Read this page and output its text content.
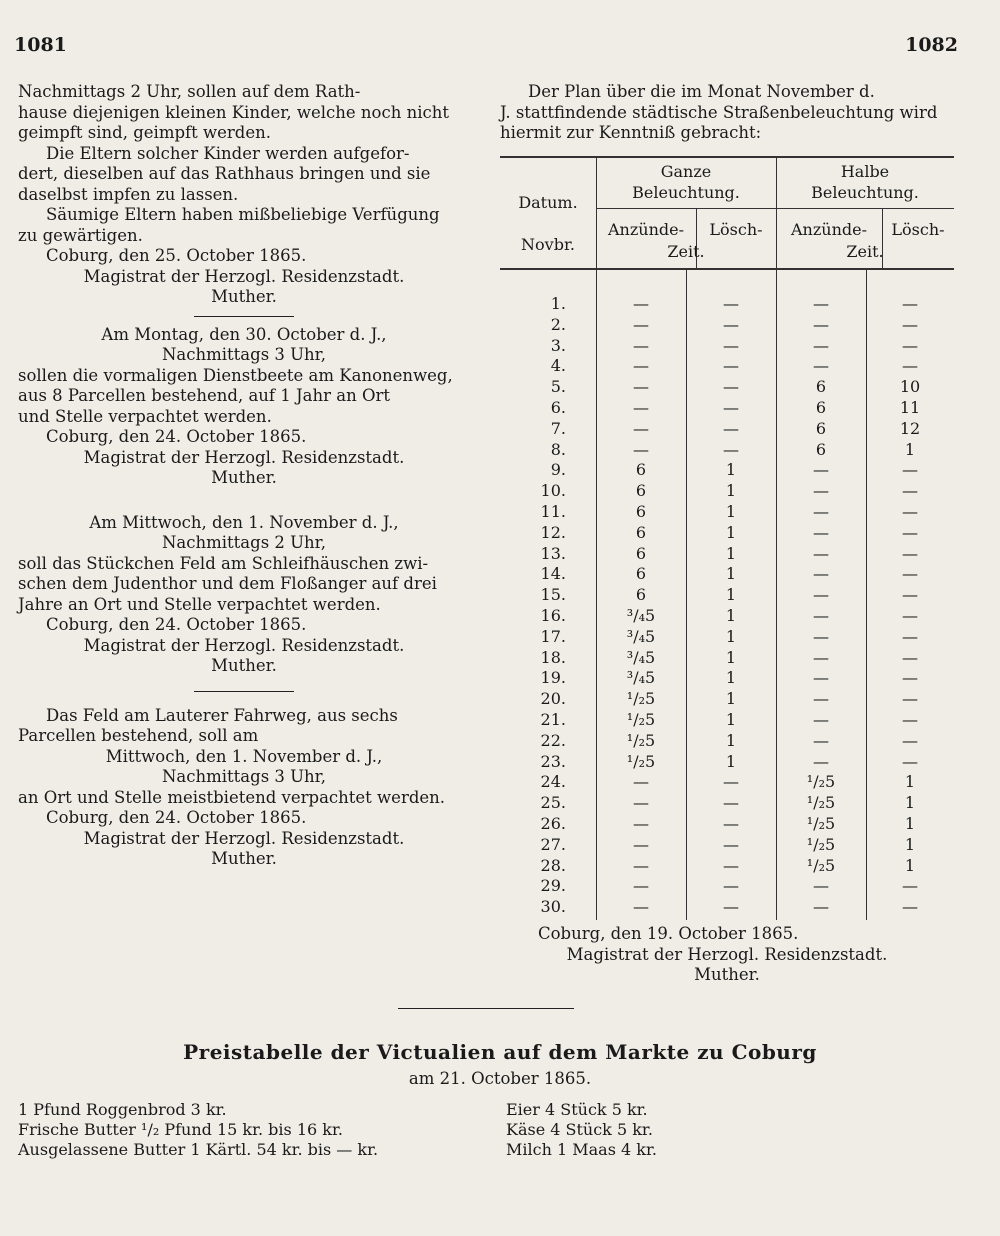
1081	1082

Nachmittags 2 Uhr, sollen auf dem Rath-

hause diejenigen kleinen Kinder, welche noch nicht

geimpft sind, geimpft werden.

Die Eltern solcher Kinder werden aufgefor-

dert, dieselben auf das Rathhaus bringen und sie

daselbst impfen zu lassen.

Säumige Eltern haben mißbeliebige Verfügung

zu gewärtigen.

Coburg, den 25. October 1865.

Magistrat der Herzogl. Residenzstadt.

Muther.

Am Montag, den 30. October d. J.,

Nachmittags 3 Uhr,

sollen die vormaligen Dienstbeete am Kanonenweg,

aus 8 Parcellen bestehend, auf 1 Jahr an Ort

und Stelle verpachtet werden.

Coburg, den 24. October 1865.

Magistrat der Herzogl. Residenzstadt.

Muther.

Am Mittwoch, den 1. November d. J.,

Nachmittags 2 Uhr,

soll das Stückchen Feld am Schleifhäuschen zwi-

schen dem Judenthor und dem Floßanger auf drei

Jahre an Ort und Stelle verpachtet werden.

Coburg, den 24. October 1865.

Magistrat der Herzogl. Residenzstadt.

Muther.

Das Feld am Lauterer Fahrweg, aus sechs

Parcellen bestehend, soll am

Mittwoch, den 1. November d. J.,

Nachmittags 3 Uhr,

an Ort und Stelle meistbietend verpachtet werden.

Coburg, den 24. October 1865.

Magistrat der Herzogl. Residenzstadt.

Muther.

Der Plan über die im Monat November d.

J. stattfindende städtische Straßenbeleuchtung wird

hiermit zur Kenntniß gebracht:

Datum.
Novbr.
Ganze
Beleuchtung.
Halbe
Beleuchtung.
Anzünde-	Lösch-
Zeit.
Anzünde-	Lösch-
Zeit.
1.	—	—	—	—
2.	—	—	—	—
3.	—	—	—	—
4.	—	—	—	—
5.	—	—	6	10
6.	—	—	6	11
7.	—	—	6	12
8.	—	—	6	1
9.	6	1	—	—
10.	6	1	—	—
11.	6	1	—	—
12.	6	1	—	—
13.	6	1	—	—
14.	6	1	—	—
15.	6	1	—	—
16.	³/₄5	1	—	—
17.	³/₄5	1	—	—
18.	³/₄5	1	—	—
19.	³/₄5	1	—	—
20.	¹/₂5	1	—	—
21.	¹/₂5	1	—	—
22.	¹/₂5	1	—	—
23.	¹/₂5	1	—	—
24.	—	—	¹/₂5	1
25.	—	—	¹/₂5	1
26.	—	—	¹/₂5	1
27.	—	—	¹/₂5	1
28.	—	—	¹/₂5	1
29.	—	—	—	—
30.	—	—	—	—

Coburg, den 19. October 1865.

Magistrat der Herzogl. Residenzstadt.

Muther.

Preistabelle der Victualien auf dem Markte zu Coburg
am 21. October 1865.
1 Pfund Roggenbrod 3 kr.
Frische Butter ¹/₂ Pfund 15 kr. bis 16 kr.
Ausgelassene Butter 1 Kärtl. 54 kr. bis — kr.
Eier 4 Stück 5 kr.
Käse 4 Stück 5 kr.
Milch 1 Maas 4 kr.
